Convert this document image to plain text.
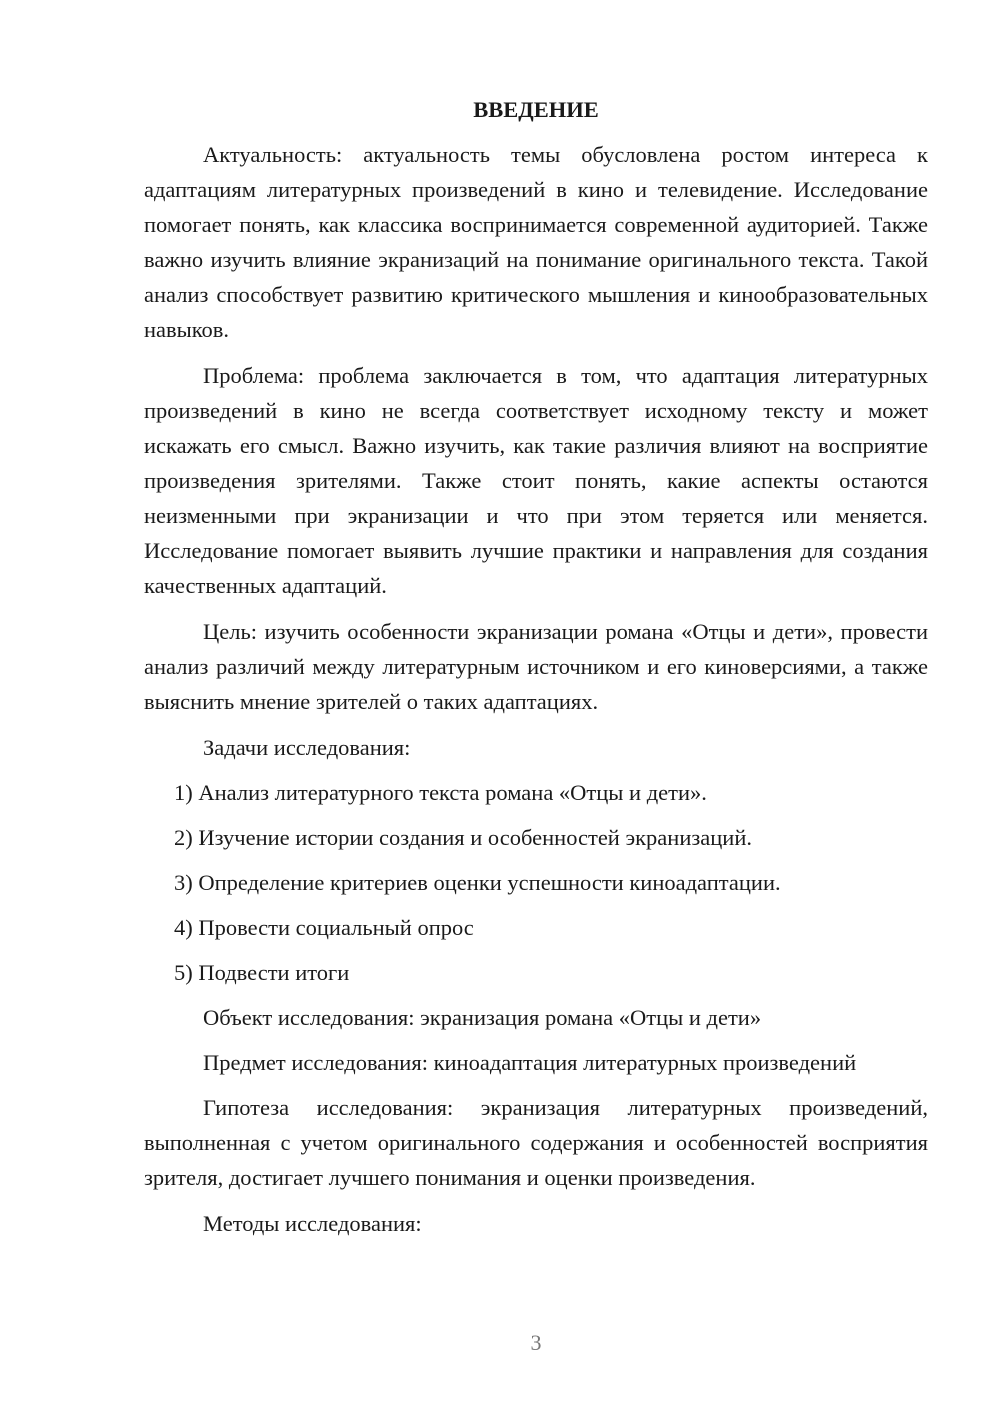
ВВЕДЕНИЕ

Актуальность: актуальность темы обусловлена ростом интереса к адаптациям литературных произведений в кино и телевидение. Исследование помогает понять, как классика воспринимается современной аудиторией. Также важно изучить влияние экранизаций на понимание оригинального текста. Такой анализ способствует развитию критического мышления и кинообразовательных навыков.

Проблема: проблема заключается в том, что адаптация литературных произведений в кино не всегда соответствует исходному тексту и может искажать его смысл. Важно изучить, как такие различия влияют на восприятие произведения зрителями. Также стоит понять, какие аспекты остаются неизменными при экранизации и что при этом теряется или меняется. Исследование помогает выявить лучшие практики и направления для создания качественных адаптаций.

Цель: изучить особенности экранизации романа «Отцы и дети», провести анализ различий между литературным источником и его киноверсиями, а также выяснить мнение зрителей о таких адаптациях.

Задачи исследования:

1) Анализ литературного текста романа «Отцы и дети».
2) Изучение истории создания и особенностей экранизаций.
3) Определение критериев оценки успешности киноадаптации.
4) Провести социальный опрос
5) Подвести итоги

Объект исследования: экранизация романа «Отцы и дети»

Предмет исследования: киноадаптация литературных произведений

Гипотеза исследования: экранизация литературных произведений, выполненная с учетом оригинального содержания и особенностей восприятия зрителя, достигает лучшего понимания и оценки произведения.

Методы исследования:

3
